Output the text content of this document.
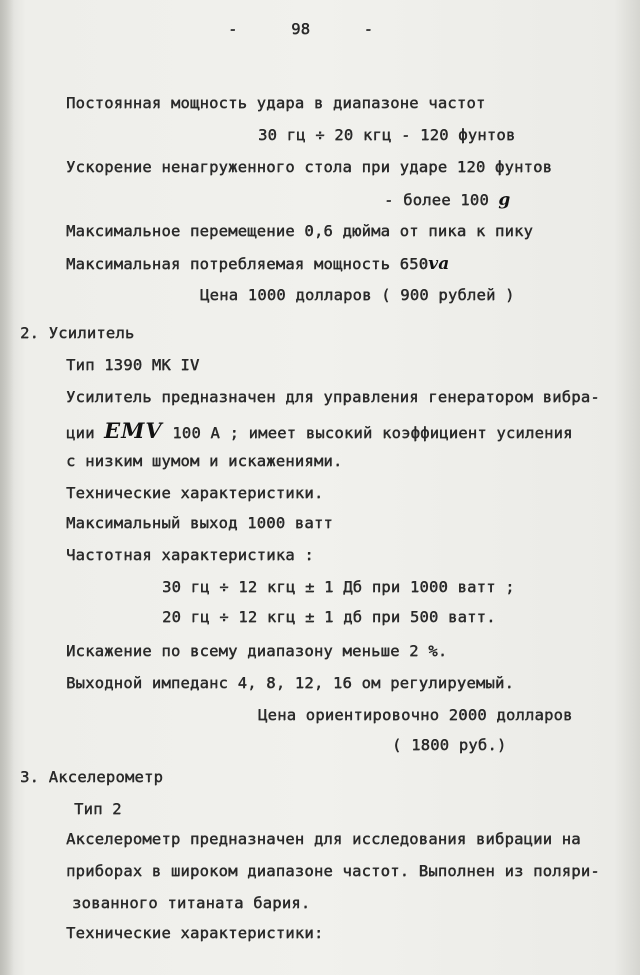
- 98 -
Постоянная мощность удара в диапазоне частот
30 гц ÷ 20 кгц - 120 фунтов
Ускорение ненагруженного стола при ударе 120 фунтов
- более 100 g
Максимальное перемещение 0,6 дюйма от пика к пику
Максимальная потребляемая мощность 650va
Цена 1000 долларов ( 900 рублей )
2. Усилитель
Тип 1390 МК IV
Усилитель предназначен для управления генератором вибра-
ции EMV 100 A ; имеет высокий коэффициент усиления
с низким шумом и искажениями.
Технические характеристики.
Максимальный выход 1000 ватт
Частотная характеристика :
30 гц ÷ 12 кгц ± 1 Дб при 1000 ватт ;
20 гц ÷ 12 кгц ± 1 дб при 500 ватт.
Искажение по всему диапазону меньше 2 %.
Выходной импеданс 4, 8, 12, 16 ом регулируемый.
Цена ориентировочно 2000 долларов
( 1800 руб.)
3. Акселерометр
Тип 2
Акселерометр предназначен для исследования вибрации на
приборах в широком диапазоне частот. Выполнен из поляри-
зованного титаната бария.
Технические характеристики:
